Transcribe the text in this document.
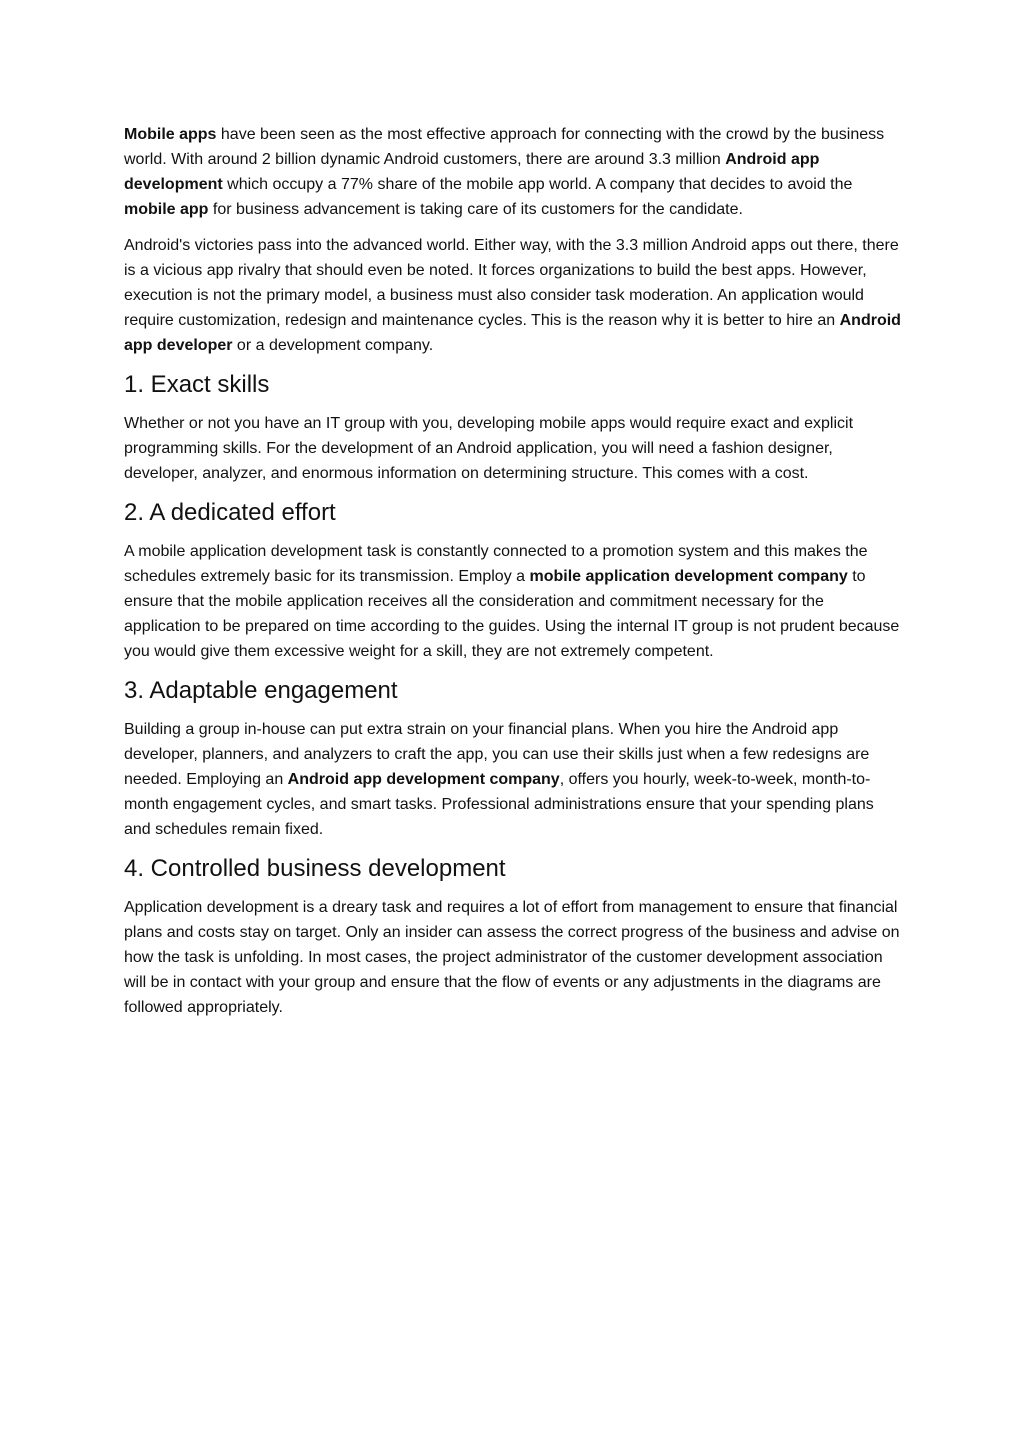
Mobile apps have been seen as the most effective approach for connecting with the crowd by the business world. With around 2 billion dynamic Android customers, there are around 3.3 million Android app development which occupy a 77% share of the mobile app world. A company that decides to avoid the mobile app for business advancement is taking care of its customers for the candidate.

Android's victories pass into the advanced world. Either way, with the 3.3 million Android apps out there, there is a vicious app rivalry that should even be noted. It forces organizations to build the best apps. However, execution is not the primary model, a business must also consider task moderation. An application would require customization, redesign and maintenance cycles. This is the reason why it is better to hire an Android app developer or a development company.

1. Exact skills

Whether or not you have an IT group with you, developing mobile apps would require exact and explicit programming skills. For the development of an Android application, you will need a fashion designer, developer, analyzer, and enormous information on determining structure. This comes with a cost.

2. A dedicated effort

A mobile application development task is constantly connected to a promotion system and this makes the schedules extremely basic for its transmission. Employ a mobile application development company to ensure that the mobile application receives all the consideration and commitment necessary for the application to be prepared on time according to the guides. Using the internal IT group is not prudent because you would give them excessive weight for a skill, they are not extremely competent.

3. Adaptable engagement

Building a group in-house can put extra strain on your financial plans. When you hire the Android app developer, planners, and analyzers to craft the app, you can use their skills just when a few redesigns are needed. Employing an Android app development company, offers you hourly, week-to-week, month-to-month engagement cycles, and smart tasks. Professional administrations ensure that your spending plans and schedules remain fixed.

4. Controlled business development

Application development is a dreary task and requires a lot of effort from management to ensure that financial plans and costs stay on target. Only an insider can assess the correct progress of the business and advise on how the task is unfolding. In most cases, the project administrator of the customer development association will be in contact with your group and ensure that the flow of events or any adjustments in the diagrams are followed appropriately.
